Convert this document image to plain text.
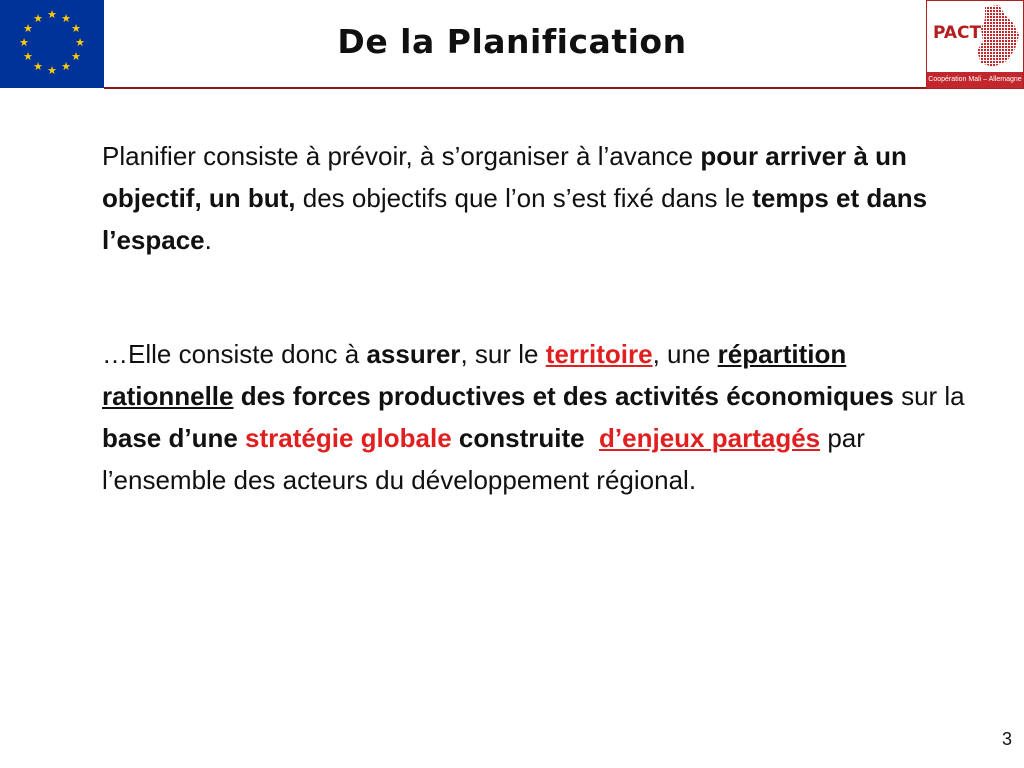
★ ★
★
★
★
★
★
★
★
★
★
★
De la Planification	PACT
Coopération Mali – Allemagne

Planifier consiste à prévoir, à s’organiser à l’avance pour arriver à un objectif, un but, des objectifs que l’on s’est fixé dans le temps et dans l’espace.

…Elle consiste donc à assurer, sur le territoire, une répartition rationnelle des forces productives et des activités économiques sur la base d’une stratégie globale construite  d’enjeux partagés par l’ensemble des acteurs du développement régional.

3
